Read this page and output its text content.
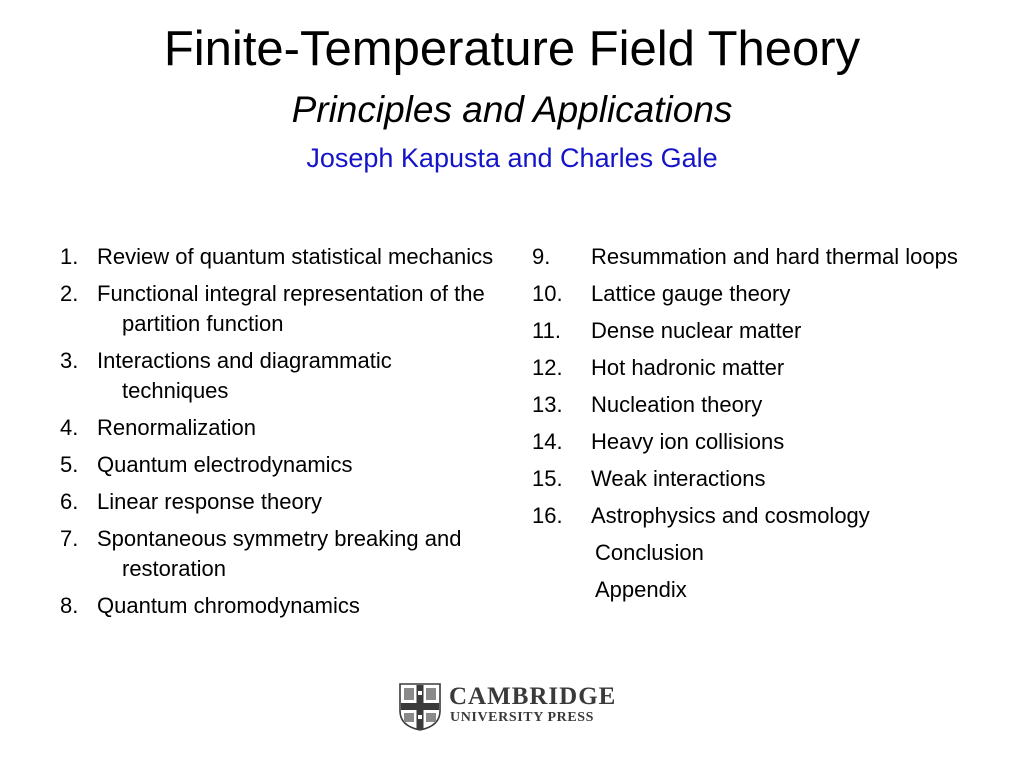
Finite-Temperature Field Theory
Principles and Applications
Joseph Kapusta and Charles Gale
1. Review of quantum statistical mechanics
2. Functional integral representation of the partition function
3. Interactions and diagrammatic techniques
4. Renormalization
5. Quantum electrodynamics
6. Linear response theory
7. Spontaneous symmetry breaking and restoration
8. Quantum chromodynamics
9.	Resummation and hard thermal loops
10.	Lattice gauge theory
11.	Dense nuclear matter
12.	Hot hadronic matter
13.	Nucleation theory
14.	Heavy ion collisions
15.	Weak interactions
16.	Astrophysics and cosmology
Conclusion
Appendix
CAMBRIDGE
UNIVERSITY PRESS
